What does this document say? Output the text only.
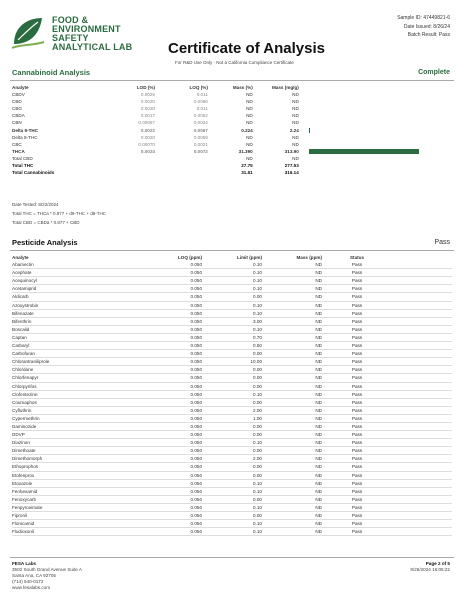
FOOD &
ENVIRONMENT
SAFETY
ANALYTICAL LAB Certificate of Analysis
For R&D Use Only · Not a California Compliance Certificate
Sample ID: 47449821-6
Date Issued: 8/26/24
Batch Result: Pass
Cannabinoid Analysis	Complete
Analyte	LOD (%)	LOQ (%)	Mass (%)	Mass (mg/g)	
CBDV	0.0025	0.011	ND	ND	
CBD	0.0020	0.0066	ND	ND	
CBG	0.0020	0.011	ND	ND	
CBDA	0.0017	0.0052	ND	ND	
CBN	0.00067	0.0024	ND	ND	
Delta 9-THC	0.0022	0.0067	0.224	2.24	
Delta 8-THC	0.0020	0.0059	ND	ND	
CBC	0.00070	0.0021	ND	ND	
THCA	0.0024	0.0072	31.390	313.90	
Total CBD			ND	ND	
Total THC			27.75	277.53	
Total Cannabinoids			31.61	316.14	
Date Tested: 8/22/2024
Total THC = THCa * 0.877 + d9-THC + d8-THC
Total CBD = CBDa * 0.877 + CBD
Pesticide Analysis	Pass
Analyte	LOQ (ppm)	Limit (ppm)	Mass (ppm)	Status	
Abamectin	0.050	0.10	ND	Pass	
Acephate	0.050	0.10	ND	Pass	
Acequinocyl	0.050	0.10	ND	Pass	
Acetamiprid	0.050	0.10	ND	Pass	
Aldicarb	0.050	0.00	ND	Pass	
Azoxystrobin	0.050	0.10	ND	Pass	
Bifenazate	0.050	0.10	ND	Pass	
Bifenthrin	0.050	3.00	ND	Pass	
Boscalid	0.050	0.10	ND	Pass	
Captan	0.050	0.70	ND	Pass	
Carbaryl	0.050	0.50	ND	Pass	
Carbofuran	0.050	0.00	ND	Pass	
Chlorantraniliprole	0.050	10.00	ND	Pass	
Chlordane	0.050	0.00	ND	Pass	
Chlorfenapyr	0.050	0.00	ND	Pass	
Chlorpyrifos	0.050	0.00	ND	Pass	
Clofentezine	0.050	0.10	ND	Pass	
Coumaphos	0.050	0.00	ND	Pass	
Cyfluthrin	0.050	2.00	ND	Pass	
Cypermethrin	0.050	1.00	ND	Pass	
Daminozide	0.050	0.00	ND	Pass	
DDVP	0.050	0.00	ND	Pass	
Diazinon	0.050	0.10	ND	Pass	
Dimethoate	0.050	0.00	ND	Pass	
Dimethomorph	0.050	2.00	ND	Pass	
Ethoprophos	0.050	0.00	ND	Pass	
Etofenprox	0.050	0.00	ND	Pass	
Etoxazole	0.050	0.10	ND	Pass	
Fenhexamid	0.050	0.10	ND	Pass	
Fenoxycarb	0.050	0.00	ND	Pass	
Fenpyroximate	0.050	0.10	ND	Pass	
Fipronil	0.050	0.00	ND	Pass	
Flonicamid	0.050	0.10	ND	Pass	
Fludioxonil	0.050	0.10	ND	Pass	
FESA Labs
3502 South Grand Avenue Suite A
Santa Ana, CA 92705
(714) 540-0172
www.fesalabs.com
Page 2 of 5
8/26/2024 16:05:22
